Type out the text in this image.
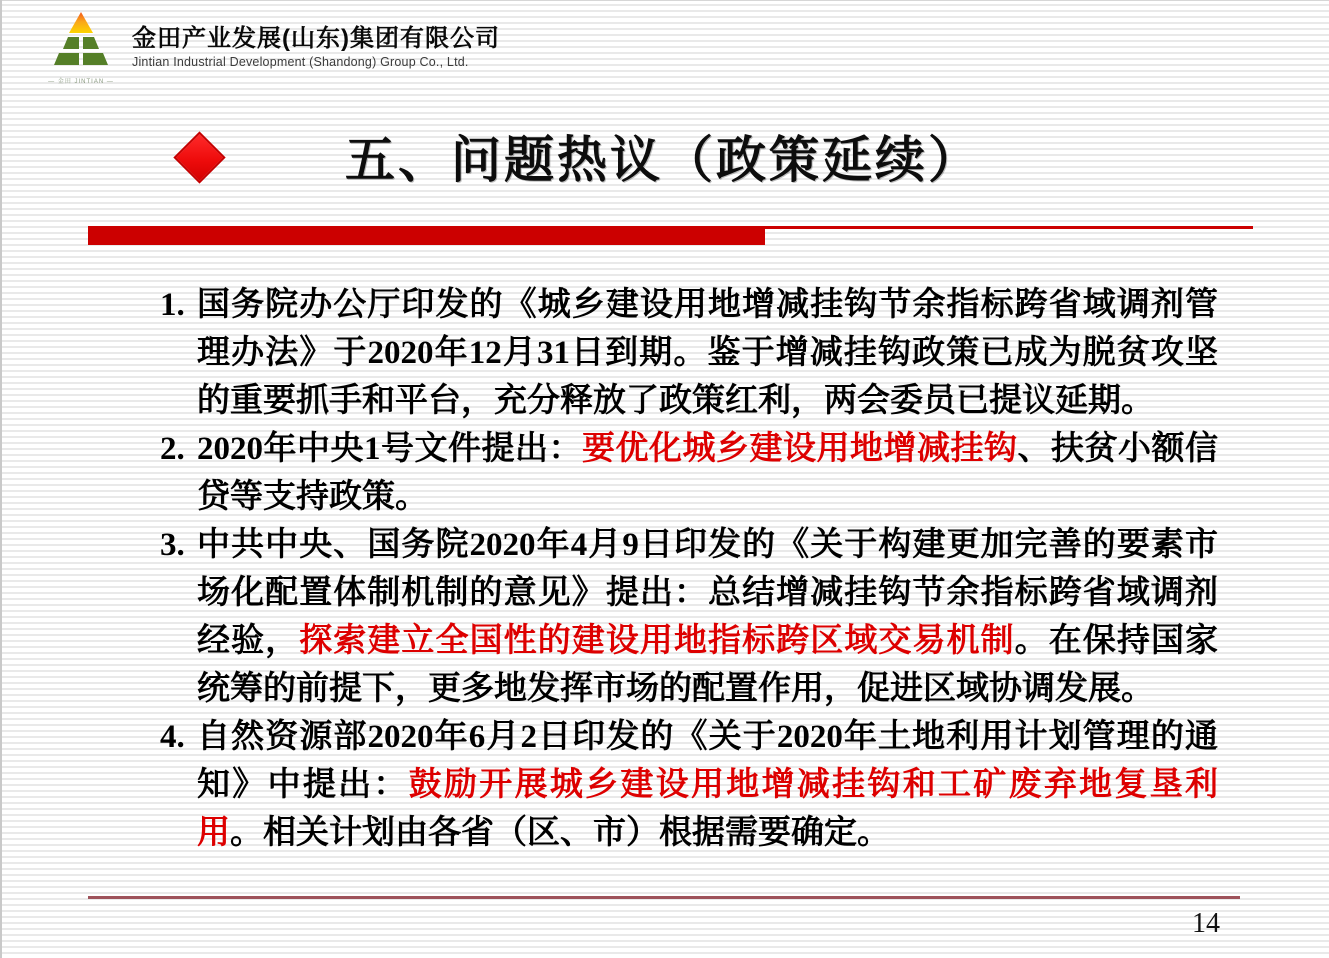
— 金田 JINTIAN —
金田产业发展(山东)集团有限公司
Jintian Industrial Development (Shandong) Group Co., Ltd.
五、问题热议（政策延续）
1. 国务院办公厅印发的《城乡建设用地增减挂钩节余指标跨省域调剂管理办法》于2020年12月31日到期。鉴于增减挂钩政策已成为脱贫攻坚的重要抓手和平台，充分释放了政策红利，两会委员已提议延期。
2. 2020年中央1号文件提出：要优化城乡建设用地增减挂钩、扶贫小额信贷等支持政策。
3. 中共中央、国务院2020年4月9日印发的《关于构建更加完善的要素市场化配置体制机制的意见》提出：总结增减挂钩节余指标跨省域调剂经验，探索建立全国性的建设用地指标跨区域交易机制。在保持国家统筹的前提下，更多地发挥市场的配置作用，促进区域协调发展。
4. 自然资源部2020年6月2日印发的《关于2020年土地利用计划管理的通知》中提出：鼓励开展城乡建设用地增减挂钩和工矿废弃地复垦利用。相关计划由各省（区、市）根据需要确定。
14
